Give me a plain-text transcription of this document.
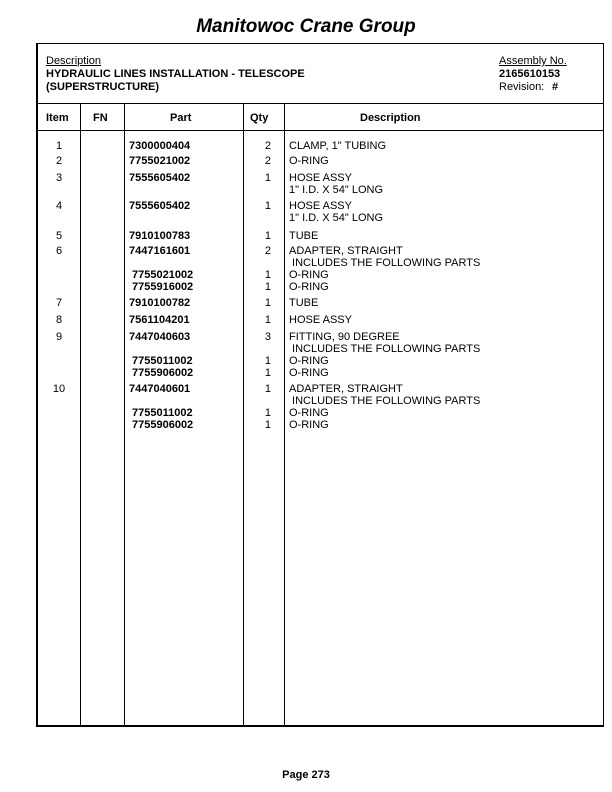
Manitowoc Crane Group
Description
HYDRAULIC LINES INSTALLATION - TELESCOPE
(SUPERSTRUCTURE)
Assembly No.
2165610153
Revision: #
Item FN	Part	Qty	Description
1	7300000404	2 CLAMP, 1" TUBING
2	7755021002	2 O-RING
3	7555605402	1 HOSE ASSY
1" I.D. X 54" LONG
4	7555605402	1 HOSE ASSY
1" I.D. X 54" LONG
5	7910100783	1 TUBE
6	7447161601	2 ADAPTER, STRAIGHT
INCLUDES THE FOLLOWING PARTS
7755021002	1 O-RING
7755916002	1 O-RING
7	7910100782	1 TUBE
8	7561104201	1 HOSE ASSY
9	7447040603	3 FITTING, 90 DEGREE
INCLUDES THE FOLLOWING PARTS
7755011002	1 O-RING
7755906002	1 O-RING
10	7447040601	1 ADAPTER, STRAIGHT
INCLUDES THE FOLLOWING PARTS
7755011002	1 O-RING
7755906002	1 O-RING
Page 273
